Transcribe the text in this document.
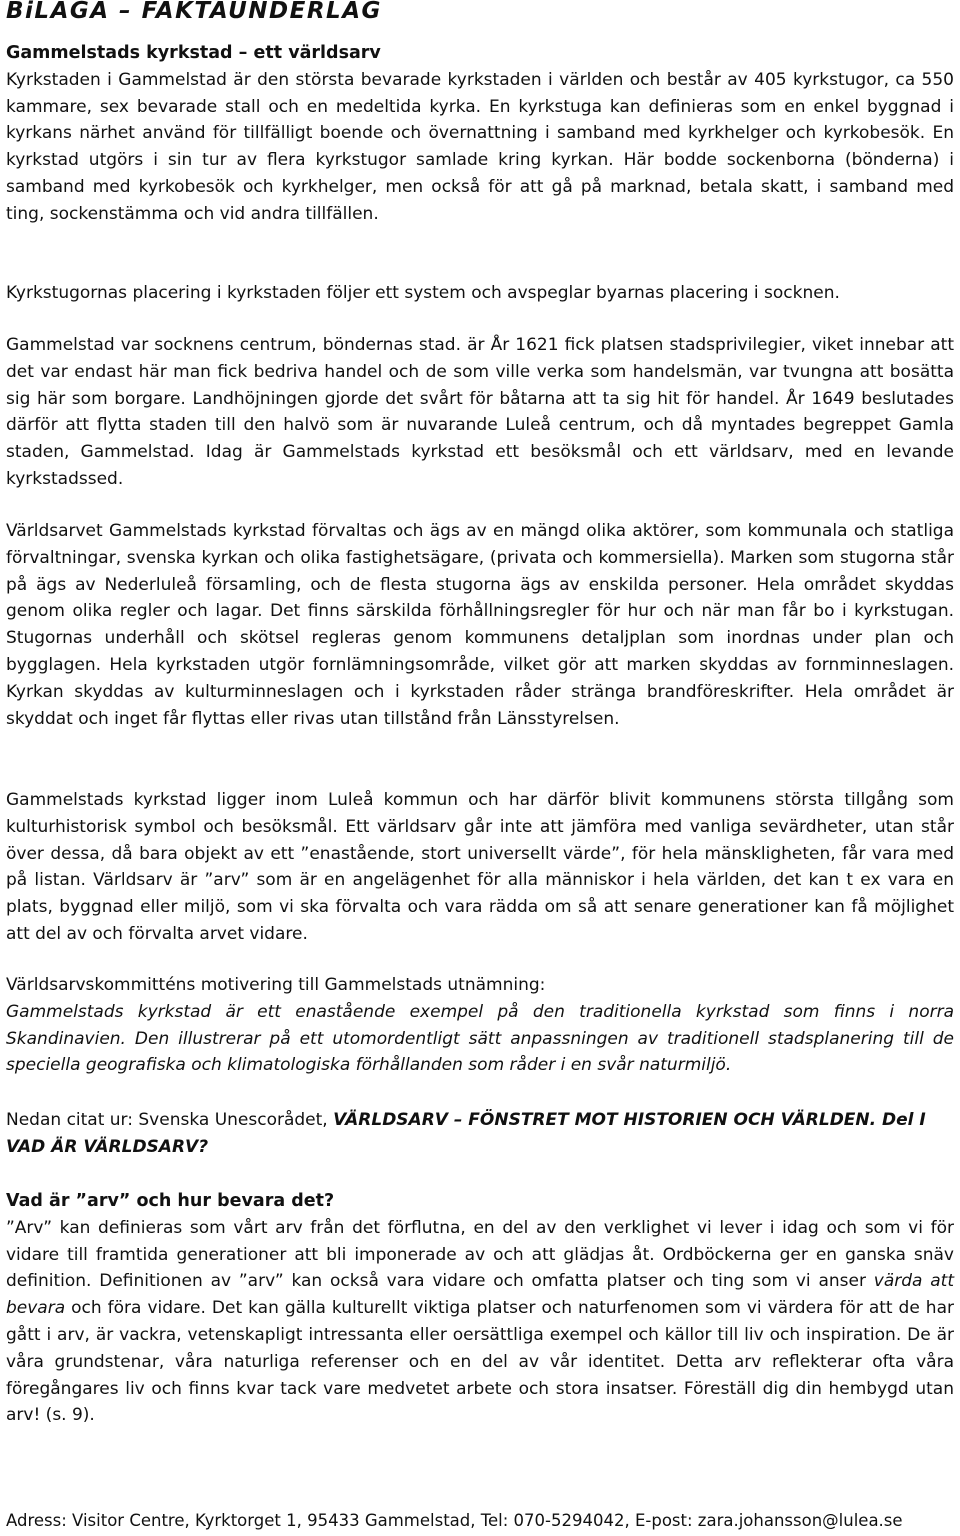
BiLAGA – FAKTAUNDERLAG
Gammelstads kyrkstad – ett världsarv

Kyrkstaden i Gammelstad är den största bevarade kyrkstaden i världen och består av 405 kyrkstugor, ca 550 kammare, sex bevarade stall och en medeltida kyrka. En kyrkstuga kan definieras som en enkel byggnad i kyrkans närhet använd för tillfälligt boende och övernattning i samband med kyrkhelger och kyrkobesök. En kyrkstad utgörs i sin tur av flera kyrkstugor samlade kring kyrkan. Här bodde sockenborna (bönderna) i samband med kyrkobesök och kyrkhelger, men också för att gå på marknad, betala skatt, i samband med ting, sockenstämma och vid andra tillfällen.

Kyrkstugornas placering i kyrkstaden följer ett system och avspeglar byarnas placering i socknen.

Gammelstad var socknens centrum, böndernas stad. är År 1621 fick platsen stadsprivilegier, viket innebar att det var endast här man fick bedriva handel och de som ville verka som handelsmän, var tvungna att bosätta sig här som borgare. Landhöjningen gjorde det svårt för båtarna att ta sig hit för handel. År 1649 beslutades därför att flytta staden till den halvö som är nuvarande Luleå centrum, och då myntades begreppet Gamla staden, Gammelstad. Idag är Gammelstads kyrkstad ett besöksmål och ett världsarv, med en levande kyrkstadssed.

Världsarvet Gammelstads kyrkstad förvaltas och ägs av en mängd olika aktörer, som kommunala och statliga förvaltningar, svenska kyrkan och olika fastighetsägare, (privata och kommersiella). Marken som stugorna står på ägs av Nederluleå församling, och de flesta stugorna ägs av enskilda personer. Hela området skyddas genom olika regler och lagar. Det finns särskilda förhållningsregler för hur och när man får bo i kyrkstugan. Stugornas underhåll och skötsel regleras genom kommunens detaljplan som inordnas under plan och bygglagen. Hela kyrkstaden utgör fornlämningsområde, vilket gör att marken skyddas av fornminneslagen. Kyrkan skyddas av kulturminneslagen och i kyrkstaden råder stränga brandföreskrifter. Hela området är skyddat och inget får flyttas eller rivas utan tillstånd från Länsstyrelsen.

Gammelstads kyrkstad ligger inom Luleå kommun och har därför blivit kommunens största tillgång som kulturhistorisk symbol och besöksmål. Ett världsarv går inte att jämföra med vanliga sevärdheter, utan står över dessa, då bara objekt av ett ”enastående, stort universellt värde”, för hela mänskligheten, får vara med på listan. Världsarv är ”arv” som är en angelägenhet för alla människor i hela världen, det kan t ex vara en plats, byggnad eller miljö, som vi ska förvalta och vara rädda om så att senare generationer kan få möjlighet att del av och förvalta arvet vidare.

Världsarvskommitténs motivering till Gammelstads utnämning:

Gammelstads kyrkstad är ett enastående exempel på den traditionella kyrkstad som finns i norra Skandinavien. Den illustrerar på ett utomordentligt sätt anpassningen av traditionell stadsplanering till de speciella geografiska och klimatologiska förhållanden som råder i en svår naturmiljö.

Nedan citat ur: Svenska Unescorådet, VÄRLDSARV – FÖNSTRET MOT HISTORIEN OCH VÄRLDEN. Del I VAD ÄR VÄRLDSARV?

Vad är ”arv” och hur bevara det?

”Arv” kan definieras som vårt arv från det förflutna, en del av den verklighet vi lever i idag och som vi för vidare till framtida generationer att bli imponerade av och att glädjas åt. Ordböckerna ger en ganska snäv definition. Definitionen av ”arv” kan också vara vidare och omfatta platser och ting som vi anser värda att bevara och föra vidare. Det kan gälla kulturellt viktiga platser och naturfenomen som vi värdera för att de har gått i arv, är vackra, vetenskapligt intressanta eller oersättliga exempel och källor till liv och inspiration. De är våra grundstenar, våra naturliga referenser och en del av vår identitet. Detta arv reflekterar ofta våra föregångares liv och finns kvar tack vare medvetet arbete och stora insatser. Föreställ dig din hembygd utan arv! (s. 9).

Adress: Visitor Centre, Kyrktorget 1, 95433 Gammelstad, Tel: 070-5294042, E-post: zara.johansson@lulea.se
